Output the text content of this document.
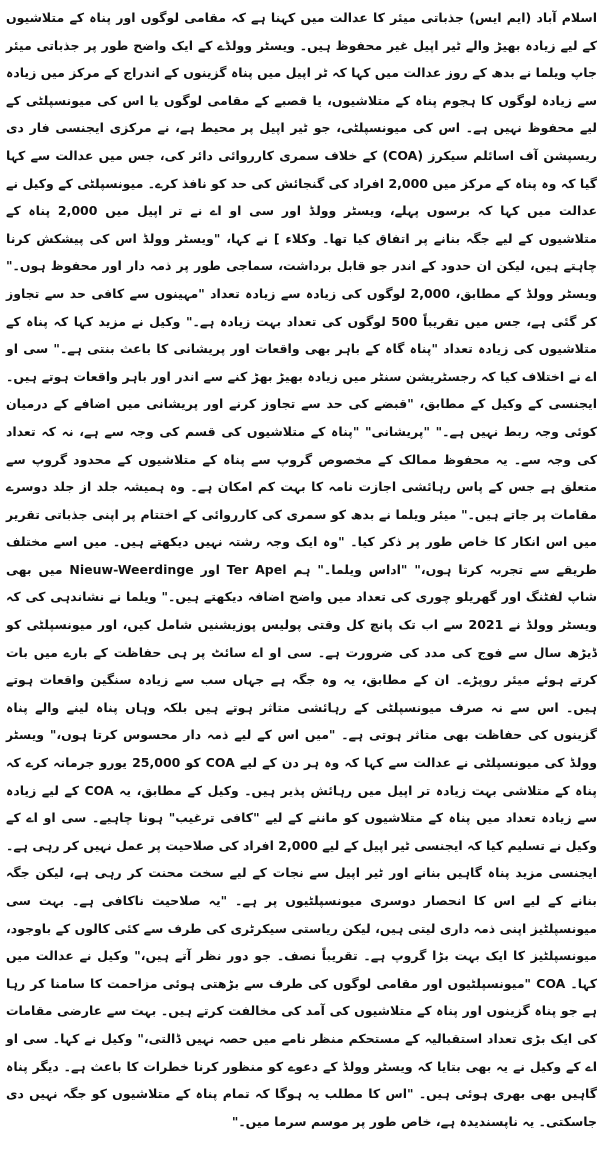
اسلام آباد (ایم ایس) جذباتی میئر کا عدالت میں کہنا ہے کہ مقامی لوگوں اور پناہ کے متلاشیوں کے لیے زیادہ بھیڑ والے ٹیر اپیل غیر محفوظ ہیں۔ ویسٹر وولڈے کے ایک واضح طور پر جذباتی میئر جاپ ویلما نے بدھ کے روز عدالت میں کہا کہ ٹر اپیل میں پناہ گزینوں کے اندراج کے مرکز میں زیادہ سے زیادہ لوگوں کا ہجوم پناہ کے متلاشیوں، یا قصبے کے مقامی لوگوں یا اس کی میونسپلٹی کے لیے محفوظ نہیں ہے۔ اس کی میونسپلٹی، جو ٹیر اپیل پر محیط ہے، نے مرکزی ایجنسی فار دی ریسپشن آف اسائلم سیکرز (COA) کے خلاف سمری کارروائی دائر کی، جس میں عدالت سے کہا گیا کہ وہ پناہ کے مرکز میں 2,000 افراد کی گنجائش کی حد کو نافذ کرے۔ میونسپلٹی کے وکیل نے عدالت میں کہا کہ برسوں پہلے، ویسٹر وولڈ اور سی او اے نے تر اپیل میں 2,000 پناہ کے متلاشیوں کے لیے جگہ بنانے پر اتفاق کیا تھا۔ وکلاء ] نے کہا، "ویسٹر وولڈ اس کی پیشکش کرنا چاہتے ہیں، لیکن ان حدود کے اندر جو قابل برداشت، سماجی طور پر ذمہ دار اور محفوظ ہوں۔" ویسٹر وولڈ کے مطابق، 2,000 لوگوں کی زیادہ سے زیادہ تعداد "مہینوں سے کافی حد سے تجاوز کر گئی ہے، جس میں تقریباً 500 لوگوں کی تعداد بہت زیادہ ہے۔" وکیل نے مزید کہا کہ پناہ کے متلاشیوں کی زیادہ تعداد "پناہ گاہ کے باہر بھی واقعات اور پریشانی کا باعث بنتی ہے۔" سی او اے نے اختلاف کیا کہ رجسٹریشن سنٹر میں زیادہ بھیڑ بھڑ کنے سے اندر اور باہر واقعات ہوتے ہیں۔ ایجنسی کے وکیل کے مطابق، "قبضے کی حد سے تجاوز کرنے اور پریشانی میں اضافے کے درمیان کوئی وجہ ربط نہیں ہے۔" "پریشانی" "پناہ کے متلاشیوں کی قسم کی وجہ سے ہے، نہ کہ تعداد کی وجہ سے۔ یہ محفوظ ممالک کے مخصوص گروپ سے پناہ کے متلاشیوں کے محدود گروپ سے متعلق ہے جس کے پاس رہائشی اجازت نامہ کا بہت کم امکان ہے۔ وہ ہمیشہ جلد از جلد دوسرے مقامات پر جاتے ہیں۔" میئر ویلما نے بدھ کو سمری کی کارروائی کے اختتام پر اپنی جذباتی تقریر میں اس انکار کا خاص طور پر ذکر کیا۔ "وہ ایک وجہ رشتہ نہیں دیکھتے ہیں۔ میں اسے مختلف طریقے سے تجربہ کرتا ہوں،" "اداس ویلما۔" ہم Ter Apel اور Nieuw-Weerdinge میں بھی شاپ لفٹنگ اور گھریلو چوری کی تعداد میں واضح اضافہ دیکھتے ہیں۔" ویلما نے نشاندہی کی کہ ویسٹر وولڈ نے 2021 سے اب تک پانچ کل وقتی پولیس پوزیشنیں شامل کیں، اور میونسپلٹی کو ڈیڑھ سال سے فوج کی مدد کی ضرورت ہے۔ سی او اے سائٹ پر ہی حفاظت کے بارے میں بات کرتے ہوئے میئر روپڑے۔ ان کے مطابق، یہ وہ جگہ ہے جہاں سب سے زیادہ سنگین واقعات ہوتے ہیں۔ اس سے نہ صرف میونسپلٹی کے رہائشی متاثر ہوتے ہیں بلکہ وہاں پناہ لینے والے پناہ گزینوں کی حفاظت بھی متاثر ہوتی ہے۔ "میں اس کے لیے ذمہ دار محسوس کرتا ہوں،" ویسٹر وولڈ کی میونسپلٹی نے عدالت سے کہا کہ وہ ہر دن کے لیے COA کو 25,000 یورو جرمانہ کرے کہ پناہ کے متلاشی بہت زیادہ تر اپیل میں رہائش پذیر ہیں۔ وکیل کے مطابق، یہ COA کے لیے زیادہ سے زیادہ تعداد میں پناہ کے متلاشیوں کو ماننے کے لیے "کافی ترغیب" ہونا چاہیے۔ سی او اے کے وکیل نے تسلیم کیا کہ ایجنسی ٹیر اپیل کے لیے 2,000 افراد کی صلاحیت پر عمل نہیں کر رہی ہے۔ ایجنسی مزید پناہ گاہیں بنانے اور ٹیر اپیل سے نجات کے لیے سخت محنت کر رہی ہے، لیکن جگہ بنانے کے لیے اس کا انحصار دوسری میونسپلٹیوں پر ہے۔ "یہ صلاحیت ناکافی ہے۔ بہت سی میونسپلٹیز اپنی ذمہ داری لیتی ہیں، لیکن ریاستی سیکرٹری کی طرف سے کئی کالوں کے باوجود، میونسپلٹیز کا ایک بہت بڑا گروپ ہے۔ تقریباً نصف۔ جو دور نظر آتے ہیں،" وکیل نے عدالت میں کہا۔ COA "میونسپلٹیوں اور مقامی لوگوں کی طرف سے بڑھتی ہوئی مزاحمت کا سامنا کر رہا ہے جو پناہ گزینوں اور پناہ کے متلاشیوں کی آمد کی مخالفت کرتے ہیں۔ بہت سے عارضی مقامات کی ایک بڑی تعداد استقبالیہ کے مستحکم منظر نامے میں حصہ نہیں ڈالتی،" وکیل نے کہا۔ سی او اے کے وکیل نے یہ بھی بتایا کہ ویسٹر وولڈ کے دعوے کو منظور کرنا خطرات کا باعث ہے۔ دیگر پناہ گاہیں بھی بھری ہوئی ہیں۔ "اس کا مطلب یہ ہوگا کہ تمام پناہ کے متلاشیوں کو جگہ نہیں دی جاسکتی۔ یہ ناپسندیدہ ہے، خاص طور پر موسم سرما میں۔"
